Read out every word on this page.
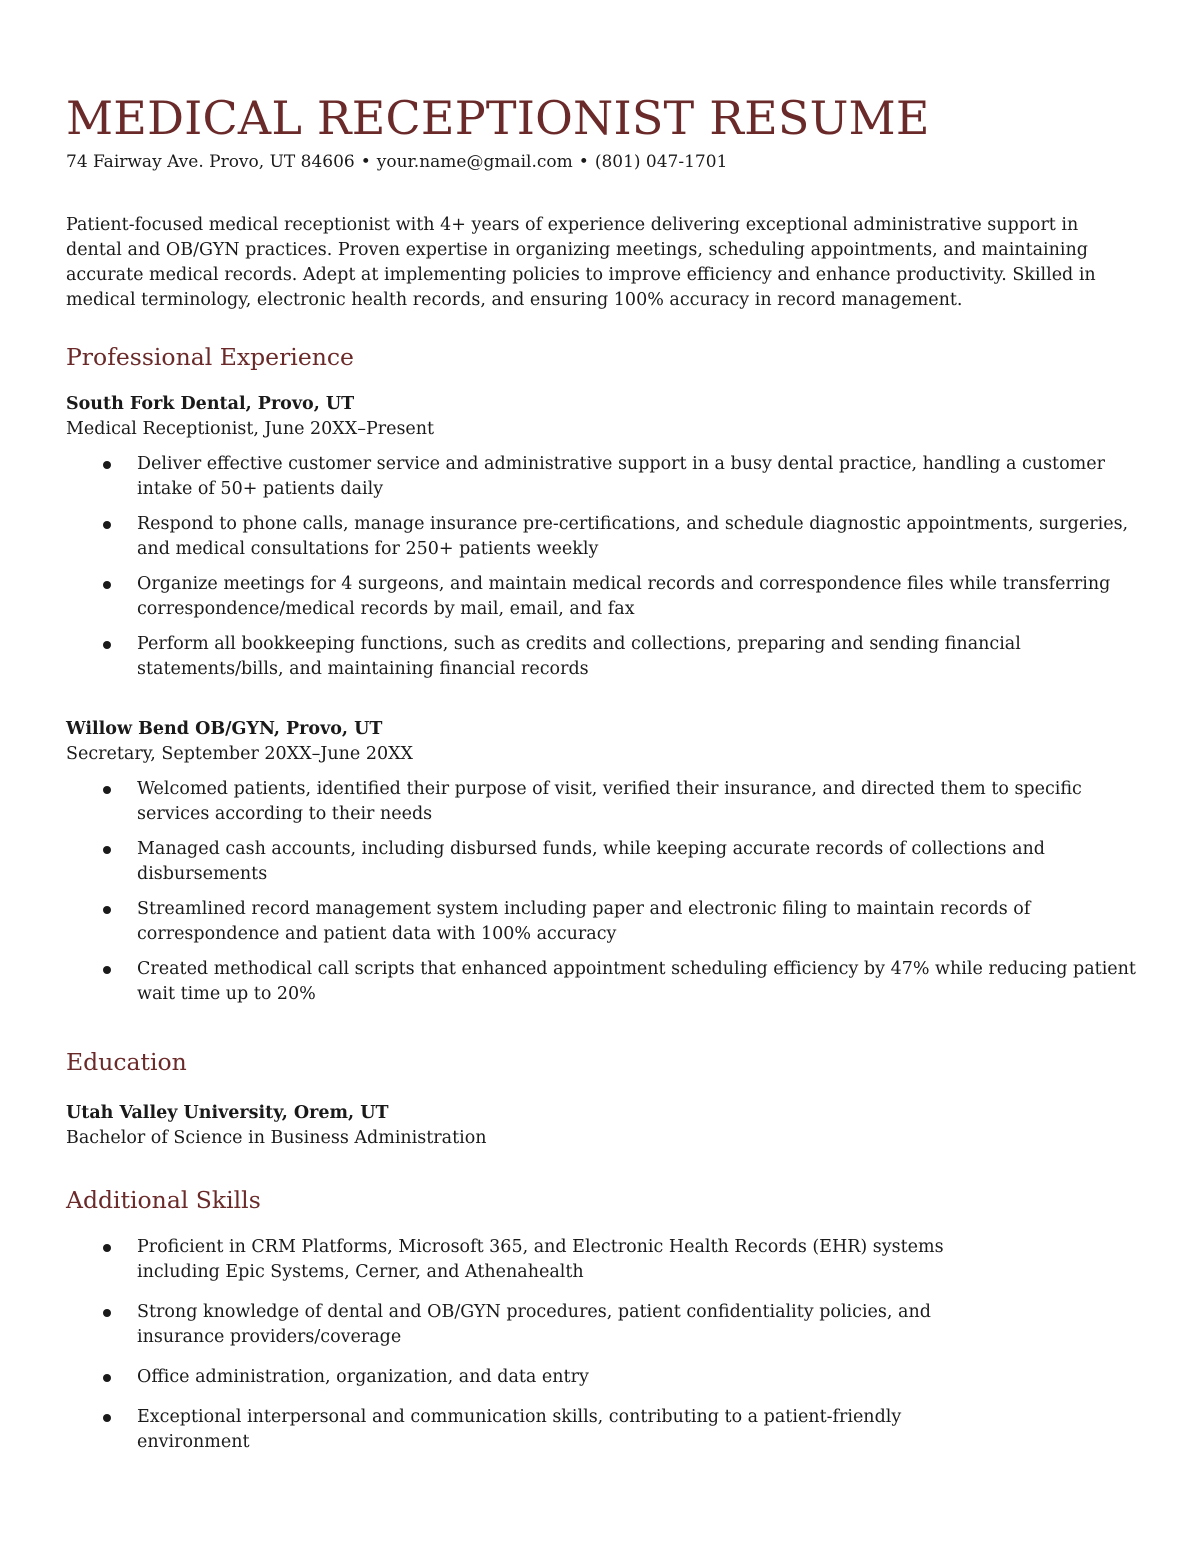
MEDICAL RECEPTIONIST RESUME
74 Fairway Ave. Provo, UT 84606 • your.name@gmail.com • (801) 047-1701

Patient-focused medical receptionist with 4+ years of experience delivering exceptional administrative support in dental and OB/GYN practices. Proven expertise in organizing meetings, scheduling appointments, and maintaining accurate medical records. Adept at implementing policies to improve efficiency and enhance productivity. Skilled in medical terminology, electronic health records, and ensuring 100% accuracy in record management.

Professional Experience
South Fork Dental, Provo, UT
Medical Receptionist, June 20XX–Present
Deliver effective customer service and administrative support in a busy dental practice, handling a customer intake of 50+ patients daily
Respond to phone calls, manage insurance pre-certifications, and schedule diagnostic appointments, surgeries, and medical consultations for 250+ patients weekly
Organize meetings for 4 surgeons, and maintain medical records and correspondence files while transferring correspondence/medical records by mail, email, and fax
Perform all bookkeeping functions, such as credits and collections, preparing and sending financial statements/bills, and maintaining financial records
Willow Bend OB/GYN, Provo, UT
Secretary, September 20XX–June 20XX
Welcomed patients, identified their purpose of visit, verified their insurance, and directed them to specific services according to their needs
Managed cash accounts, including disbursed funds, while keeping accurate records of collections and disbursements
Streamlined record management system including paper and electronic filing to maintain records of correspondence and patient data with 100% accuracy
Created methodical call scripts that enhanced appointment scheduling efficiency by 47% while reducing patient wait time up to 20%
Education
Utah Valley University, Orem, UT
Bachelor of Science in Business Administration
Additional Skills
Proficient in CRM Platforms, Microsoft 365, and Electronic Health Records (EHR) systems including Epic Systems, Cerner, and Athenahealth
Strong knowledge of dental and OB/GYN procedures, patient confidentiality policies, and insurance providers/coverage
Office administration, organization, and data entry
Exceptional interpersonal and communication skills, contributing to a patient-friendly environment
